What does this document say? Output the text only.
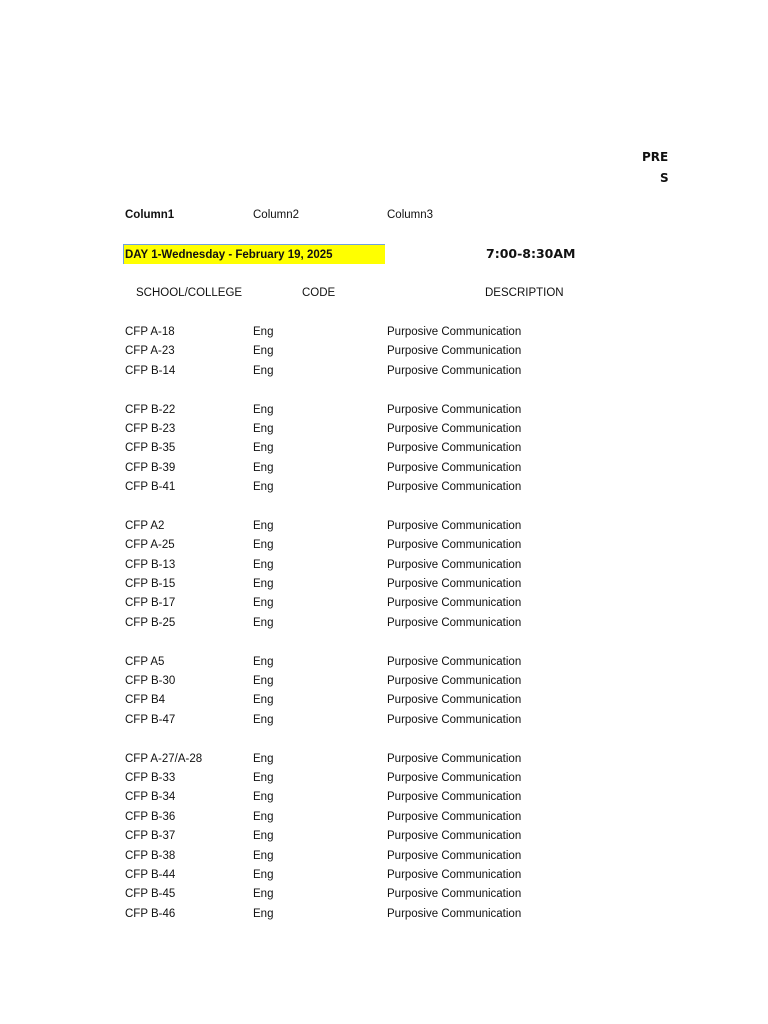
PRE
S
Column1	Column2	Column3
DAY 1-Wednesday - February 19, 2025	7:00-8:30AM
SCHOOL/COLLEGE	CODE	DESCRIPTION
CFP A-18	Eng	Purposive Communication
CFP A-23	Eng	Purposive Communication
CFP B-14	Eng	Purposive Communication
CFP B-22	Eng	Purposive Communication
CFP B-23	Eng	Purposive Communication
CFP B-35	Eng	Purposive Communication
CFP B-39	Eng	Purposive Communication
CFP B-41	Eng	Purposive Communication
CFP A2	Eng	Purposive Communication
CFP A-25	Eng	Purposive Communication
CFP B-13	Eng	Purposive Communication
CFP B-15	Eng	Purposive Communication
CFP B-17	Eng	Purposive Communication
CFP B-25	Eng	Purposive Communication
CFP A5	Eng	Purposive Communication
CFP B-30	Eng	Purposive Communication
CFP B4	Eng	Purposive Communication
CFP B-47	Eng	Purposive Communication
CFP A-27/A-28	Eng	Purposive Communication
CFP B-33	Eng	Purposive Communication
CFP B-34	Eng	Purposive Communication
CFP B-36	Eng	Purposive Communication
CFP B-37	Eng	Purposive Communication
CFP B-38	Eng	Purposive Communication
CFP B-44	Eng	Purposive Communication
CFP B-45	Eng	Purposive Communication
CFP B-46	Eng	Purposive Communication
